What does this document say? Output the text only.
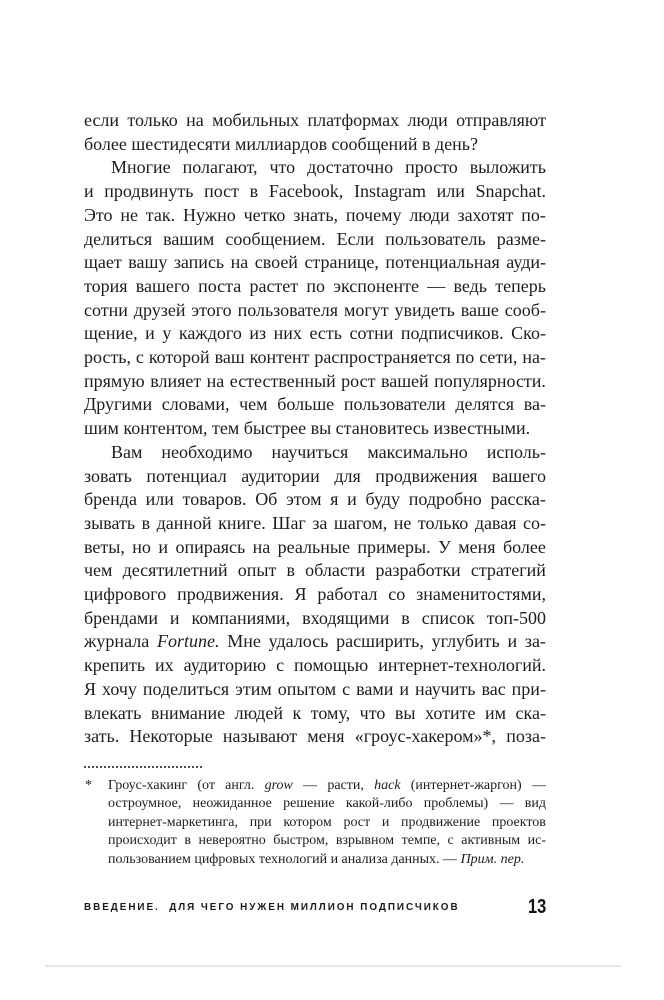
если только на мобильных платформах люди отправляют
более шестидесяти миллиардов сообщений в день?
Многие полагают, что достаточно просто выложить
и продвинуть пост в Facebook, Instagram или Snapchat.
Это не так. Нужно четко знать, почему люди захотят по-
делиться вашим сообщением. Если пользователь разме-
щает вашу запись на своей странице, потенциальная ауди-
тория вашего поста растет по экспоненте — ведь теперь
сотни друзей этого пользователя могут увидеть ваше сооб-
щение, и у каждого из них есть сотни подписчиков. Ско-
рость, с которой ваш контент распространяется по сети, на-
прямую влияет на естественный рост вашей популярности.
Другими словами, чем больше пользователи делятся ва-
шим контентом, тем быстрее вы становитесь известными.
Вам необходимо научиться максимально исполь-
зовать потенциал аудитории для продвижения вашего
бренда или товаров. Об этом я и буду подробно расска-
зывать в данной книге. Шаг за шагом, не только давая со-
веты, но и опираясь на реальные примеры. У меня более
чем десятилетний опыт в области разработки стратегий
цифрового продвижения. Я работал со знаменитостями,
брендами и компаниями, входящими в список топ-500
журнала Fortune. Мне удалось расширить, углубить и за-
крепить их аудиторию с помощью интернет-технологий.
Я хочу поделиться этим опытом с вами и научить вас при-
влекать внимание людей к тому, что вы хотите им ска-
зать. Некоторые называют меня «гроус-хакером»*, поза-
* Гроус-хакинг (от англ. grow — расти, hack (интернет-жаргон) —
остроумное, неожиданное решение какой-либо проблемы) — вид
интернет-маркетинга, при котором рост и продвижение проектов
происходит в невероятно быстром, взрывном темпе, с активным ис-
пользованием цифровых технологий и анализа данных. — Прим. пер.
ВВЕДЕНИЕ.  ДЛЯ ЧЕГО НУЖЕН МИЛЛИОН ПОДПИСЧИКОВ	13
